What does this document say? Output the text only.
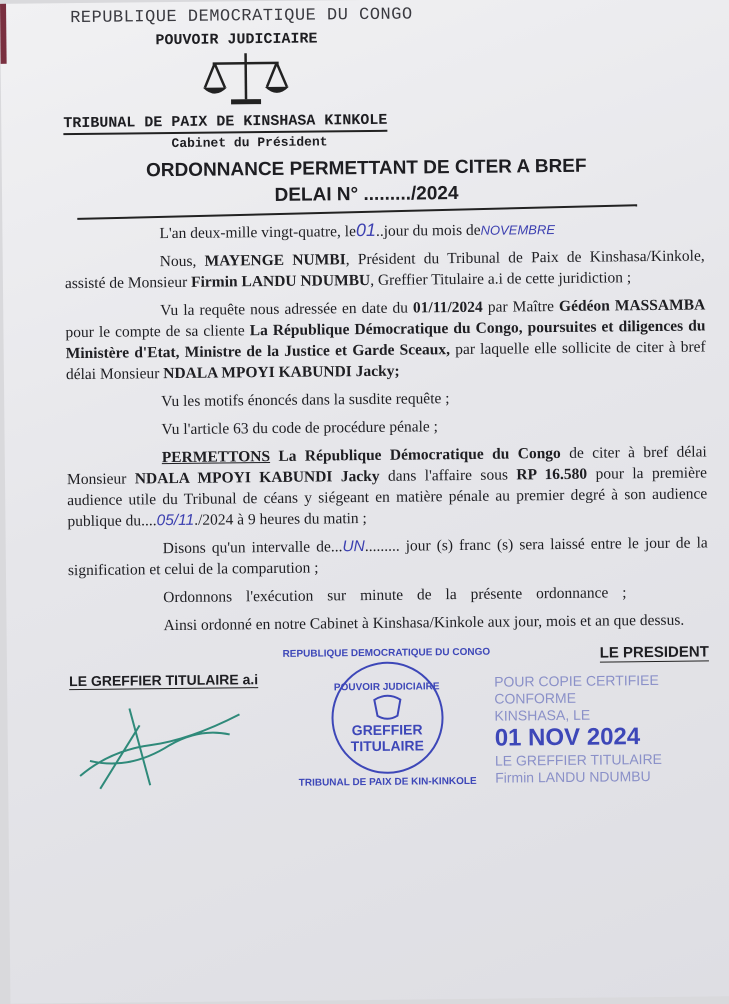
REPUBLIQUE DEMOCRATIQUE DU CONGO
POUVOIR JUDICIAIRE
TRIBUNAL DE PAIX DE KINSHASA KINKOLE
Cabinet du Président
ORDONNANCE PERMETTANT DE CITER A BREF
DELAI N° ........./2024
L'an deux-mille vingt-quatre, le01..jour du mois deNOVEMBRE
Nous, MAYENGE NUMBI, Président du Tribunal de Paix de Kinshasa/Kinkole, assisté de Monsieur Firmin LANDU NDUMBU, Greffier Titulaire a.i de cette juridiction ;
Vu la requête nous adressée en date du 01/11/2024 par Maître Gédéon MASSAMBA pour le compte de sa cliente La République Démocratique du Congo, poursuites et diligences du Ministère d'Etat, Ministre de la Justice et Garde Sceaux, par laquelle elle sollicite de citer à bref délai Monsieur NDALA MPOYI KABUNDI Jacky;
Vu les motifs énoncés dans la susdite requête ;
Vu l'article 63 du code de procédure pénale ;
PERMETTONS La République Démocratique du Congo de citer à bref délai Monsieur NDALA MPOYI KABUNDI Jacky dans l'affaire sous RP 16.580 pour la première audience utile du Tribunal de céans y siégeant en matière pénale au premier degré à son audience publique du....05/11./2024 à 9 heures du matin ;
Disons qu'un intervalle de...UN......... jour (s) franc (s) sera laissé entre le jour de la signification et celui de la comparution ;
Ordonnons l'exécution sur minute de la présente ordonnance ;
Ainsi ordonné en notre Cabinet à Kinshasa/Kinkole aux jour, mois et an que dessus.
LE GREFFIER TITULAIRE a.i
REPUBLIQUE DEMOCRATIQUE DU CONGO
POUVOIR JUDICIAIRE
GREFFIER
TITULAIRE
TRIBUNAL DE PAIX DE KIN-KINKOLE
LE PRESIDENT
POUR COPIE CERTIFIEE CONFORME
KINSHASA, LE
01 NOV 2024
LE GREFFIER TITULAIRE
Firmin LANDU NDUMBU
